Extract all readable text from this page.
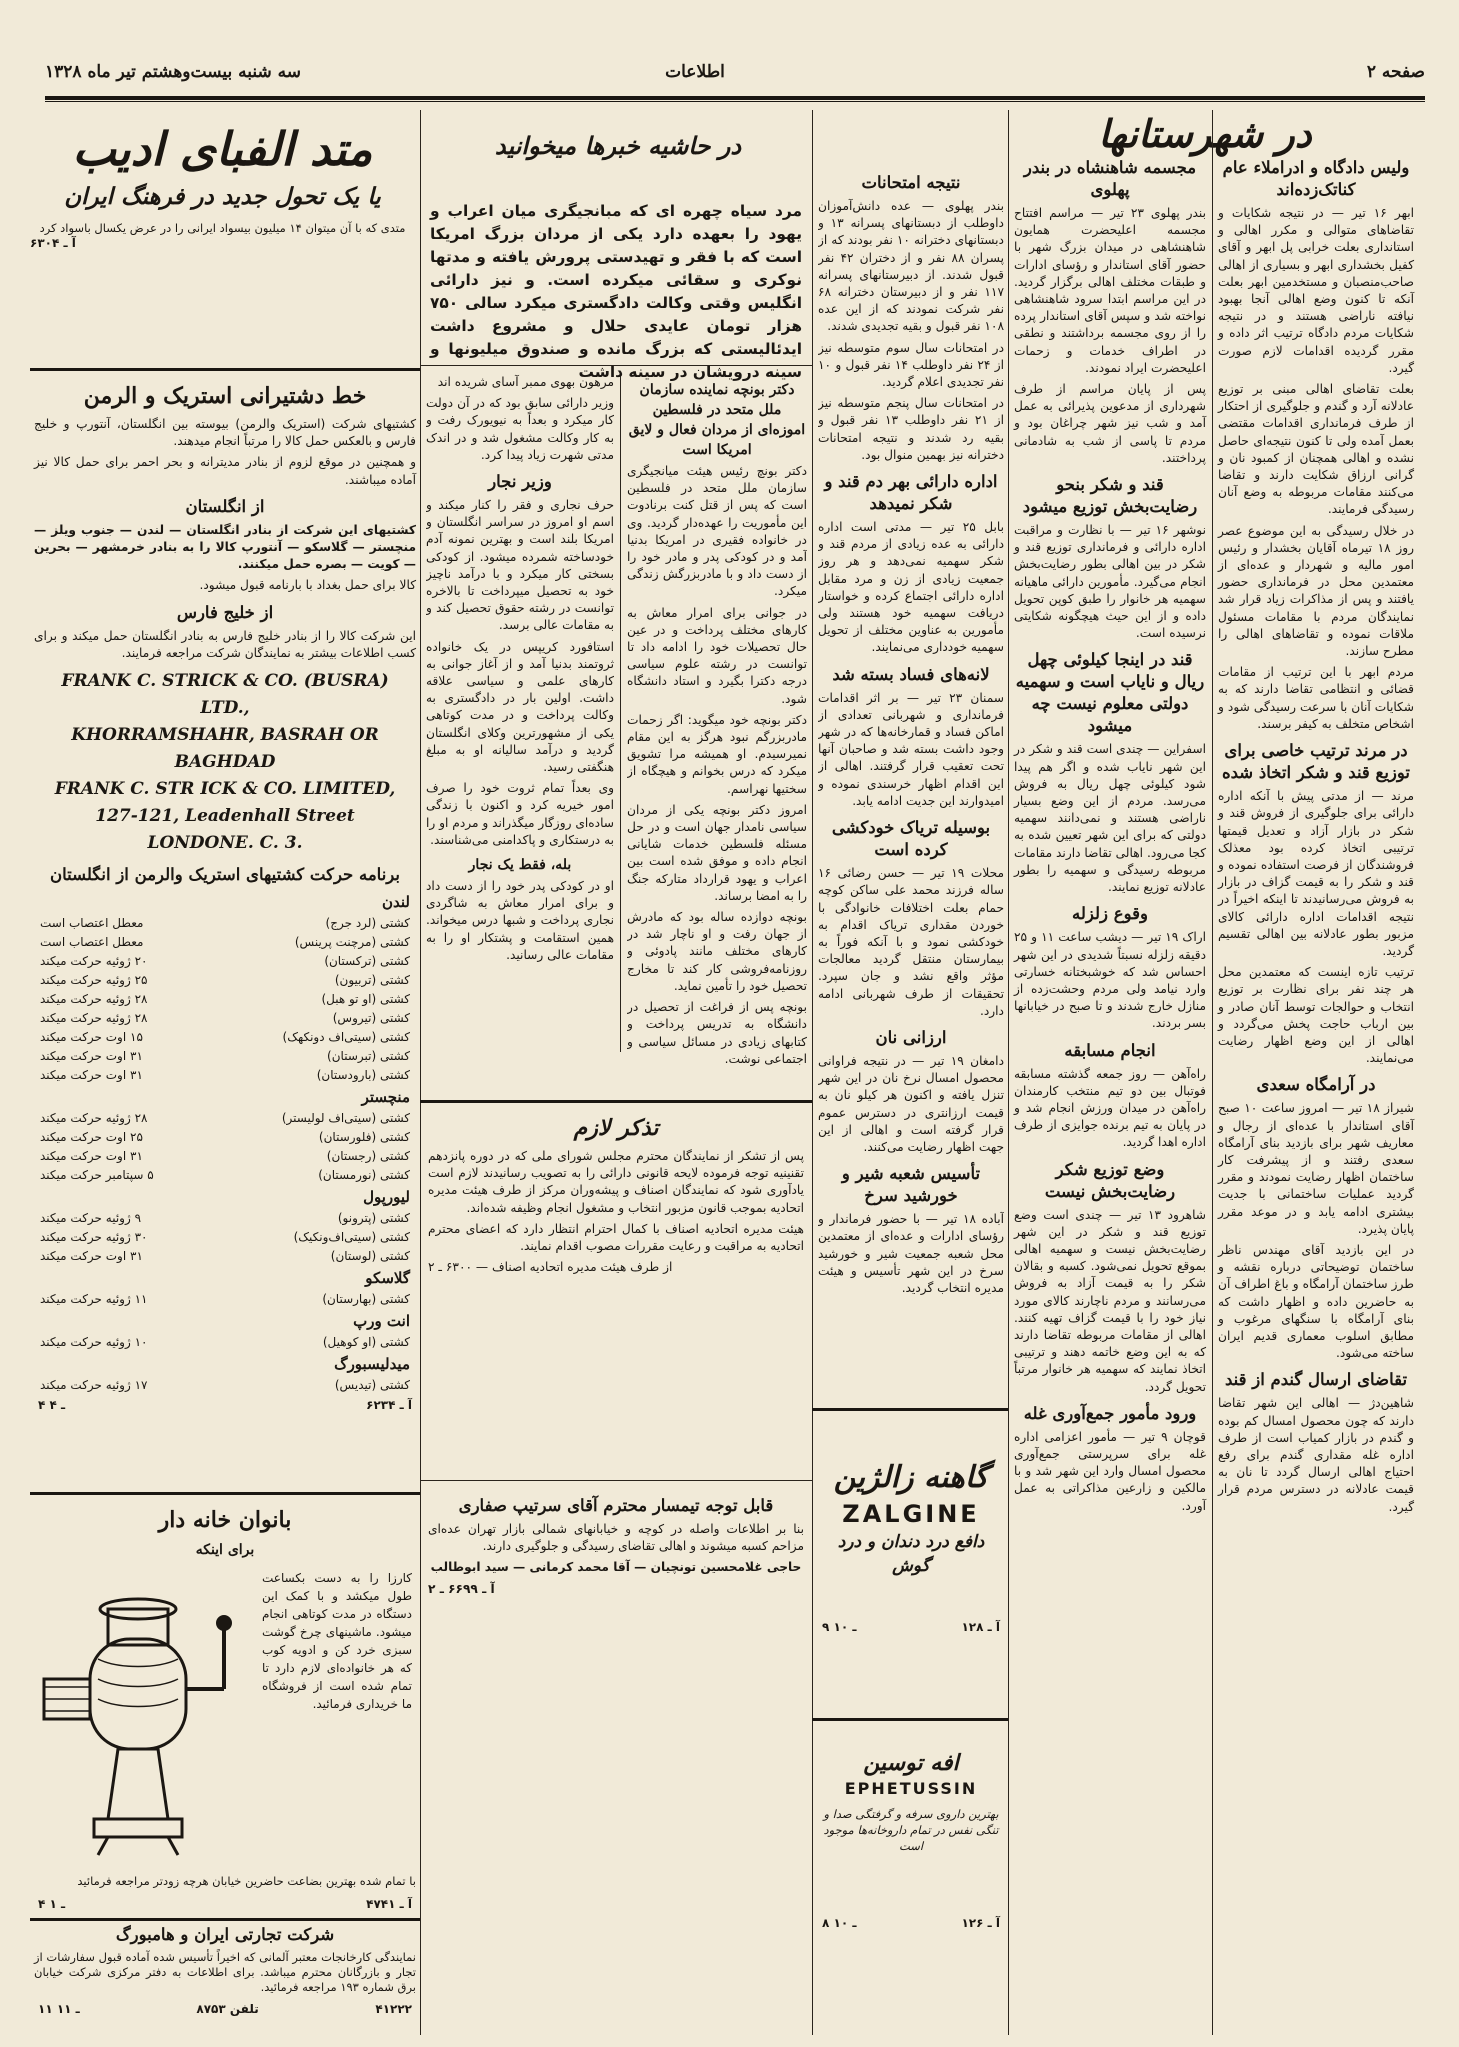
صفحه ۲
اطلاعات
سه شنبه بیست‌وهشتم تیر ماه ۱۳۲۸
در شهرستانها
ولیس دادگاه و ادراملاء عام کناتک‌زده‌اند
ابهر ۱۶ تیر — در نتیجه شکایات و تقاضاهای متوالی و مکرر اهالی و استانداری بعلت خرابی پل ابهر و آقای کفیل بخشداری ابهر و بسیاری از اهالی صاحب‌منصبان و مستخدمین ابهر بعلت آنکه تا کنون وضع اهالی آنجا بهبود نیافته ناراضی هستند و در نتیجه شکایات مردم دادگاه ترتیب اثر داده و مقرر گردیده اقدامات لازم صورت گیرد.
بعلت تقاضای اهالی مبنی بر توزیع عادلانه آرد و گندم و جلوگیری از احتکار از طرف فرمانداری اقدامات مقتضی بعمل آمده ولی تا کنون نتیجه‌ای حاصل نشده و اهالی همچنان از کمبود نان و گرانی ارزاق شکایت دارند و تقاضا می‌کنند مقامات مربوطه به وضع آنان رسیدگی فرمایند.
در خلال رسیدگی به این موضوع عصر روز ۱۸ تیرماه آقایان بخشدار و رئیس امور مالیه و شهردار و عده‌ای از معتمدین محل در فرمانداری حضور یافتند و پس از مذاکرات زیاد قرار شد نمایندگان مردم با مقامات مسئول ملاقات نموده و تقاضاهای اهالی را مطرح سازند.
مردم ابهر با این ترتیب از مقامات قضائی و انتظامی تقاضا دارند که به شکایات آنان با سرعت رسیدگی شود و اشخاص متخلف به کیفر برسند.
در مرند ترتیب خاصی برای توزیع قند و شکر اتخاذ شده
مرند — از مدتی پیش با آنکه اداره دارائی برای جلوگیری از فروش قند و شکر در بازار آزاد و تعدیل قیمتها ترتیبی اتخاذ کرده بود معذلک فروشندگان از فرصت استفاده نموده و قند و شکر را به قیمت گزاف در بازار به فروش می‌رسانیدند تا اینکه اخیراً در نتیجه اقدامات اداره دارائی کالای مزبور بطور عادلانه بین اهالی تقسیم گردید.
ترتیب تازه اینست که معتمدین محل هر چند نفر برای نظارت بر توزیع انتخاب و حوالجات توسط آنان صادر و بین ارباب حاجت پخش می‌گردد و اهالی از این وضع اظهار رضایت می‌نمایند.
در آرامگاه سعدی
شیراز ۱۸ تیر — امروز ساعت ۱۰ صبح آقای استاندار با عده‌ای از رجال و معاریف شهر برای بازدید بنای آرامگاه سعدی رفتند و از پیشرفت کار ساختمان اظهار رضایت نمودند و مقرر گردید عملیات ساختمانی با جدیت بیشتری ادامه یابد و در موعد مقرر پایان پذیرد.
در این بازدید آقای مهندس ناظر ساختمان توضیحاتی درباره نقشه و طرز ساختمان آرامگاه و باغ اطراف آن به حاضرین داده و اظهار داشت که بنای آرامگاه با سنگهای مرغوب و مطابق اسلوب معماری قدیم ایران ساخته می‌شود.
تقاضای ارسال گندم از قند
شاهین‌دژ — اهالی این شهر تقاضا دارند که چون محصول امسال کم بوده و گندم در بازار کمیاب است از طرف اداره غله مقداری گندم برای رفع احتیاج اهالی ارسال گردد تا نان به قیمت عادلانه در دسترس مردم قرار گیرد.
مجسمه شاهنشاه در بندر پهلوی
بندر پهلوی ۲۳ تیر — مراسم افتتاح مجسمه اعلیحضرت همایون شاهنشاهی در میدان بزرگ شهر با حضور آقای استاندار و رؤسای ادارات و طبقات مختلف اهالی برگزار گردید. در این مراسم ابتدا سرود شاهنشاهی نواخته شد و سپس آقای استاندار پرده را از روی مجسمه برداشتند و نطقی در اطراف خدمات و زحمات اعلیحضرت ایراد نمودند.
پس از پایان مراسم از طرف شهرداری از مدعوین پذیرائی به عمل آمد و شب نیز شهر چراغان بود و مردم تا پاسی از شب به شادمانی پرداختند.
قند و شکر بنحو رضایت‌بخش توزیع میشود
نوشهر ۱۶ تیر — با نظارت و مراقبت اداره دارائی و فرمانداری توزیع قند و شکر در بین اهالی بطور رضایت‌بخش انجام می‌گیرد. مأمورین دارائی ماهیانه سهمیه هر خانوار را طبق کوپن تحویل داده و از این حیث هیچگونه شکایتی نرسیده است.
قند در اینجا کیلوئی چهل ریال و نایاب است و سهمیه دولتی معلوم نیست چه میشود
اسفراین — چندی است قند و شکر در این شهر نایاب شده و اگر هم پیدا شود کیلوئی چهل ریال به فروش می‌رسد. مردم از این وضع بسیار ناراضی هستند و نمی‌دانند سهمیه دولتی که برای این شهر تعیین شده به کجا می‌رود. اهالی تقاضا دارند مقامات مربوطه رسیدگی و سهمیه را بطور عادلانه توزیع نمایند.
وقوع زلزله
اراک ۱۹ تیر — دیشب ساعت ۱۱ و ۲۵ دقیقه زلزله نسبتاً شدیدی در این شهر احساس شد که خوشبختانه خسارتی وارد نیامد ولی مردم وحشت‌زده از منازل خارج شدند و تا صبح در خیابانها بسر بردند.
انجام مسابقه
راه‌آهن — روز جمعه گذشته مسابقه فوتبال بین دو تیم منتخب کارمندان راه‌آهن در میدان ورزش انجام شد و در پایان به تیم برنده جوایزی از طرف اداره اهدا گردید.
وضع توزیع شکر رضایت‌بخش نیست
شاهرود ۱۳ تیر — چندی است وضع توزیع قند و شکر در این شهر رضایت‌بخش نیست و سهمیه اهالی بموقع تحویل نمی‌شود. کسبه و بقالان شکر را به قیمت آزاد به فروش می‌رسانند و مردم ناچارند کالای مورد نیاز خود را با قیمت گزاف تهیه کنند. اهالی از مقامات مربوطه تقاضا دارند که به این وضع خاتمه دهند و ترتیبی اتخاذ نمایند که سهمیه هر خانوار مرتباً تحویل گردد.
ورود مأمور جمع‌آوری غله
قوچان ۹ تیر — مأمور اعزامی اداره غله برای سرپرستی جمع‌آوری محصول امسال وارد این شهر شد و با مالکین و زارعین مذاکراتی به عمل آورد.
نتیجه امتحانات
بندر پهلوی — عده دانش‌آموزان داوطلب از دبستانهای پسرانه ۱۳ و دبستانهای دخترانه ۱۰ نفر بودند که از پسران ۸۸ نفر و از دختران ۴۲ نفر قبول شدند. از دبیرستانهای پسرانه ۱۱۷ نفر و از دبیرستان دخترانه ۶۸ نفر شرکت نمودند که از این عده ۱۰۸ نفر قبول و بقیه تجدیدی شدند.
در امتحانات سال سوم متوسطه نیز از ۲۴ نفر داوطلب ۱۴ نفر قبول و ۱۰ نفر تجدیدی اعلام گردید.
در امتحانات سال پنجم متوسطه نیز از ۲۱ نفر داوطلب ۱۳ نفر قبول و بقیه رد شدند و نتیجه امتحانات دخترانه نیز بهمین منوال بود.
اداره دارائی بهر دم قند و شکر نمیدهد
بابل ۲۵ تیر — مدتی است اداره دارائی به عده زیادی از مردم قند و شکر سهمیه نمی‌دهد و هر روز جمعیت زیادی از زن و مرد مقابل اداره دارائی اجتماع کرده و خواستار دریافت سهمیه خود هستند ولی مأمورین به عناوین مختلف از تحویل سهمیه خودداری می‌نمایند.
لانه‌های فساد بسته شد
سمنان ۲۳ تیر — بر اثر اقدامات فرمانداری و شهربانی تعدادی از اماکن فساد و قمارخانه‌ها که در شهر وجود داشت بسته شد و صاحبان آنها تحت تعقیب قرار گرفتند. اهالی از این اقدام اظهار خرسندی نموده و امیدوارند این جدیت ادامه یابد.
بوسیله تریاک خودکشی کرده است
محلات ۱۹ تیر — حسن رضائی ۱۶ ساله فرزند محمد علی ساکن کوچه حمام بعلت اختلافات خانوادگی با خوردن مقداری تریاک اقدام به خودکشی نمود و با آنکه فوراً به بیمارستان منتقل گردید معالجات مؤثر واقع نشد و جان سپرد. تحقیقات از طرف شهربانی ادامه دارد.
ارزانی نان
دامغان ۱۹ تیر — در نتیجه فراوانی محصول امسال نرخ نان در این شهر تنزل یافته و اکنون هر کیلو نان به قیمت ارزانتری در دسترس عموم قرار گرفته است و اهالی از این جهت اظهار رضایت می‌کنند.
تأسیس شعبه شیر و خورشید سرخ
آباده ۱۸ تیر — با حضور فرماندار و رؤسای ادارات و عده‌ای از معتمدین محل شعبه جمعیت شیر و خورشید سرخ در این شهر تأسیس و هیئت مدیره انتخاب گردید.
گاهنه زالژین
ZALGINE
دافع درد دندان و درد گوش
۹ ـ ۱۰	آ ـ ۱۲۸
افه توسین
EPHETUSSIN
بهترین داروی سرفه و گرفتگی صدا و تنگی نفس در تمام داروخانه‌ها موجود است
۸ ـ ۱۰	آ ـ ۱۲۶
در حاشیه خبرها میخوانید
مرد سیاه چهره ای که مبانجیگری میان اعراب و یهود را بعهده دارد یکی از مردان بزرگ امریکا است که با فقر و تهیدستی پرورش یافته و مدتها نوکری و سقائی میکرده است. و نیز دارائی انگلیس وقتی وکالت دادگستری میکرد سالی ۷۵۰ هزار تومان عایدی حلال و مشروع داشت ایدئالیستی که بزرگ مانده و صندوق میلیونها و سینه درویشان در سینه داشت
دکتر بونچه نماینده سازمان ملل متحد در فلسطین اموزه‌ای از مردان فعال و لایق امریکا است
دکتر بونچ رئیس هیئت میانجیگری سازمان ملل متحد در فلسطین است که پس از قتل کنت برنادوت این مأموریت را عهده‌دار گردید. وی در خانواده فقیری در امریکا بدنیا آمد و در کودکی پدر و مادر خود را از دست داد و با مادربزرگش زندگی میکرد.
در جوانی برای امرار معاش به کارهای مختلف پرداخت و در عین حال تحصیلات خود را ادامه داد تا توانست در رشته علوم سیاسی درجه دکترا بگیرد و استاد دانشگاه شود.
دکتر بونچه خود میگوید: اگر زحمات مادربزرگم نبود هرگز به این مقام نمیرسیدم. او همیشه مرا تشویق میکرد که درس بخوانم و هیچگاه از سختیها نهراسم.
امروز دکتر بونچه یکی از مردان سیاسی نامدار جهان است و در حل مسئله فلسطین خدمات شایانی انجام داده و موفق شده است بین اعراب و یهود قرارداد متارکه جنگ را به امضا برساند.
بونچه دوازده ساله بود که مادرش از جهان رفت و او ناچار شد در کارهای مختلف مانند پادوئی و روزنامه‌فروشی کار کند تا مخارج تحصیل خود را تأمین نماید.
بونچه پس از فراغت از تحصیل در دانشگاه به تدریس پرداخت و کتابهای زیادی در مسائل سیاسی و اجتماعی نوشت.
مرهون بهوی ممبر آسای شریده اند
وزیر دارائی سابق بود که در آن دولت کار میکرد و بعداً به نیویورک رفت و به کار وکالت مشغول شد و در اندک مدتی شهرت زیاد پیدا کرد.
وزیر نجار
حرف نجاری و فقر را کنار میکند و اسم او امروز در سراسر انگلستان و امریکا بلند است و بهترین نمونه آدم خودساخته شمرده میشود. از کودکی بسختی کار میکرد و با درآمد ناچیز خود به تحصیل میپرداخت تا بالاخره توانست در رشته حقوق تحصیل کند و به مقامات عالی برسد.
استافورد کریپس در یک خانواده ثروتمند بدنیا آمد و از آغاز جوانی به کارهای علمی و سیاسی علاقه داشت. اولین بار در دادگستری به وکالت پرداخت و در مدت کوتاهی یکی از مشهورترین وکلای انگلستان گردید و درآمد سالیانه او به مبلغ هنگفتی رسید.
وی بعداً تمام ثروت خود را صرف امور خیریه کرد و اکنون با زندگی ساده‌ای روزگار میگذراند و مردم او را به درستکاری و پاکدامنی می‌شناسند.
بله، فقط یک نجار
او در کودکی پدر خود را از دست داد و برای امرار معاش به شاگردی نجاری پرداخت و شبها درس میخواند. همین استقامت و پشتکار او را به مقامات عالی رسانید.
تذکر لازم
پس از تشکر از نمایندگان محترم مجلس شورای ملی که در دوره پانزدهم تقنینیه توجه فرموده لایحه قانونی دارائی را به تصویب رسانیدند لازم است یادآوری شود که نمایندگان اصناف و پیشه‌وران مرکز از طرف هیئت مدیره اتحادیه بموجب قانون مزبور انتخاب و مشغول انجام وظیفه شده‌اند.
هیئت مدیره اتحادیه اصناف با کمال احترام انتظار دارد که اعضای محترم اتحادیه به مراقبت و رعایت مقررات مصوب اقدام نمایند.
از طرف هیئت مدیره اتحادیه اصناف — ۶۳۰۰ ـ ۲
قابل توجه تیمسار محترم آقای سرتیپ صفاری
بنا بر اطلاعات واصله در کوچه و خیابانهای شمالی بازار تهران عده‌ای مزاحم کسبه میشوند و اهالی تقاضای رسیدگی و جلوگیری دارند.
حاجی غلامحسین تونچیان — آقا محمد کرمانی — سید ابوطالب
آ ـ ۶۶۹۹ ـ ۲
متد الفبای ادیب
یا یک تحول جدید در فرهنگ ایران
متدی که با آن میتوان ۱۴ میلیون بیسواد ایرانی را در عرض یکسال باسواد کرد
آ ـ ۶۳۰۴
خط دشتیرانی استریک و الرمن
کشتیهای شرکت (استریک والرمن) بیوسته بین انگلستان، آنتورپ و خلیج فارس و بالعکس حمل کالا را مرتباً انجام میدهند.
و همچنین در موقع لزوم از بنادر مدیترانه و بحر احمر برای حمل کالا نیز آماده میباشند.
از انگلستان
کشتیهای این شرکت از بنادر انگلستان — لندن — جنوب ویلز — منچستر — گلاسکو — آنتورپ کالا را به بنادر خرمشهر — بحرین — کویت — بصره حمل میکنند.
کالا برای حمل بغداد با بارنامه قبول میشود.
از خلیج فارس
این شرکت کالا را از بنادر خلیج فارس به بنادر انگلستان حمل میکند و برای کسب اطلاعات بیشتر به نمایندگان شرکت مراجعه فرمایند.
FRANK C. STRICK & CO. (BUSRA) LTD.,
KHORRAMSHAHR, BASRAH OR BAGHDAD
FRANK C. STR ICK & CO. LIMITED,
127-121, Leadenhall Street
LONDONE. C. 3.
برنامه حرکت کشتیهای استریک والرمن از انگلستان
لندن
کشتی (لرد جرج)
معطل اعتصاب است
کشتی (مرچنت پرینس)
معطل اعتصاب است
کشتی (ترکستان)
۲۰ ژوئیه حرکت میکند
کشتی (تربیون)
۲۵ ژوئیه حرکت میکند
کشتی (او تو هبل)
۲۸ ژوئیه حرکت میکند
کشتی (تیروس)
۲۸ ژوئیه حرکت میکند
کشتی (سیتی‌اف دونکهک)
۱۵ اوت حرکت میکند
کشتی (تبرستان)
۳۱ اوت حرکت میکند
کشتی (بارودستان)
۳۱ اوت حرکت میکند
منچستر
کشتی (سیتی‌اف لولیستر)
۲۸ ژوئیه حرکت میکند
کشتی (فلورستان)
۲۵ اوت حرکت میکند
کشتی (رجستان)
۳۱ اوت حرکت میکند
کشتی (نورمستان)
۵ سپتامبر حرکت میکند
لیورپول
کشتی (پترونو)
۹ ژوئیه حرکت میکند
کشتی (سیتی‌اف‌ونکیک)
۳۰ ژوئیه حرکت میکند
کشتی (لوستان)
۳۱ اوت حرکت میکند
گلاسکو
کشتی (بهارستان)
۱۱ ژوئیه حرکت میکند
انت ورپ
کشتی (او کوهیل)
۱۰ ژوئیه حرکت میکند
میدلیسبورگ
کشتی (تیدیس)
۱۷ ژوئیه حرکت میکند
۴ ـ ۴	آ ـ ۶۲۳۴
بانوان خانه دار
برای اینکه
کارزا را به دست بکساعت طول میکشد و با کمک این دستگاه در مدت کوتاهی انجام میشود. ماشینهای چرخ گوشت سبزی خرد کن و ادویه کوب که هر خانواده‌ای لازم دارد تا تمام شده است از فروشگاه ما خریداری فرمائید.
با تمام شده بهترین بضاعت حاضرین خیابان هرچه زودتر مراجعه فرمائید
۴ ـ ۱	آ ـ ۴۷۴۱
شرکت تجارتی ایران و هامبورگ
نمایندگی کارخانجات معتبر آلمانی که اخیراً تأسیس شده آماده قبول سفارشات از تجار و بازرگانان محترم میباشد. برای اطلاعات به دفتر مرکزی شرکت خیابان برق شماره ۱۹۳ مراجعه فرمائید.
۱۱ ـ ۱۱	تلفن ۸۷۵۳	۴۱۲۲۲
